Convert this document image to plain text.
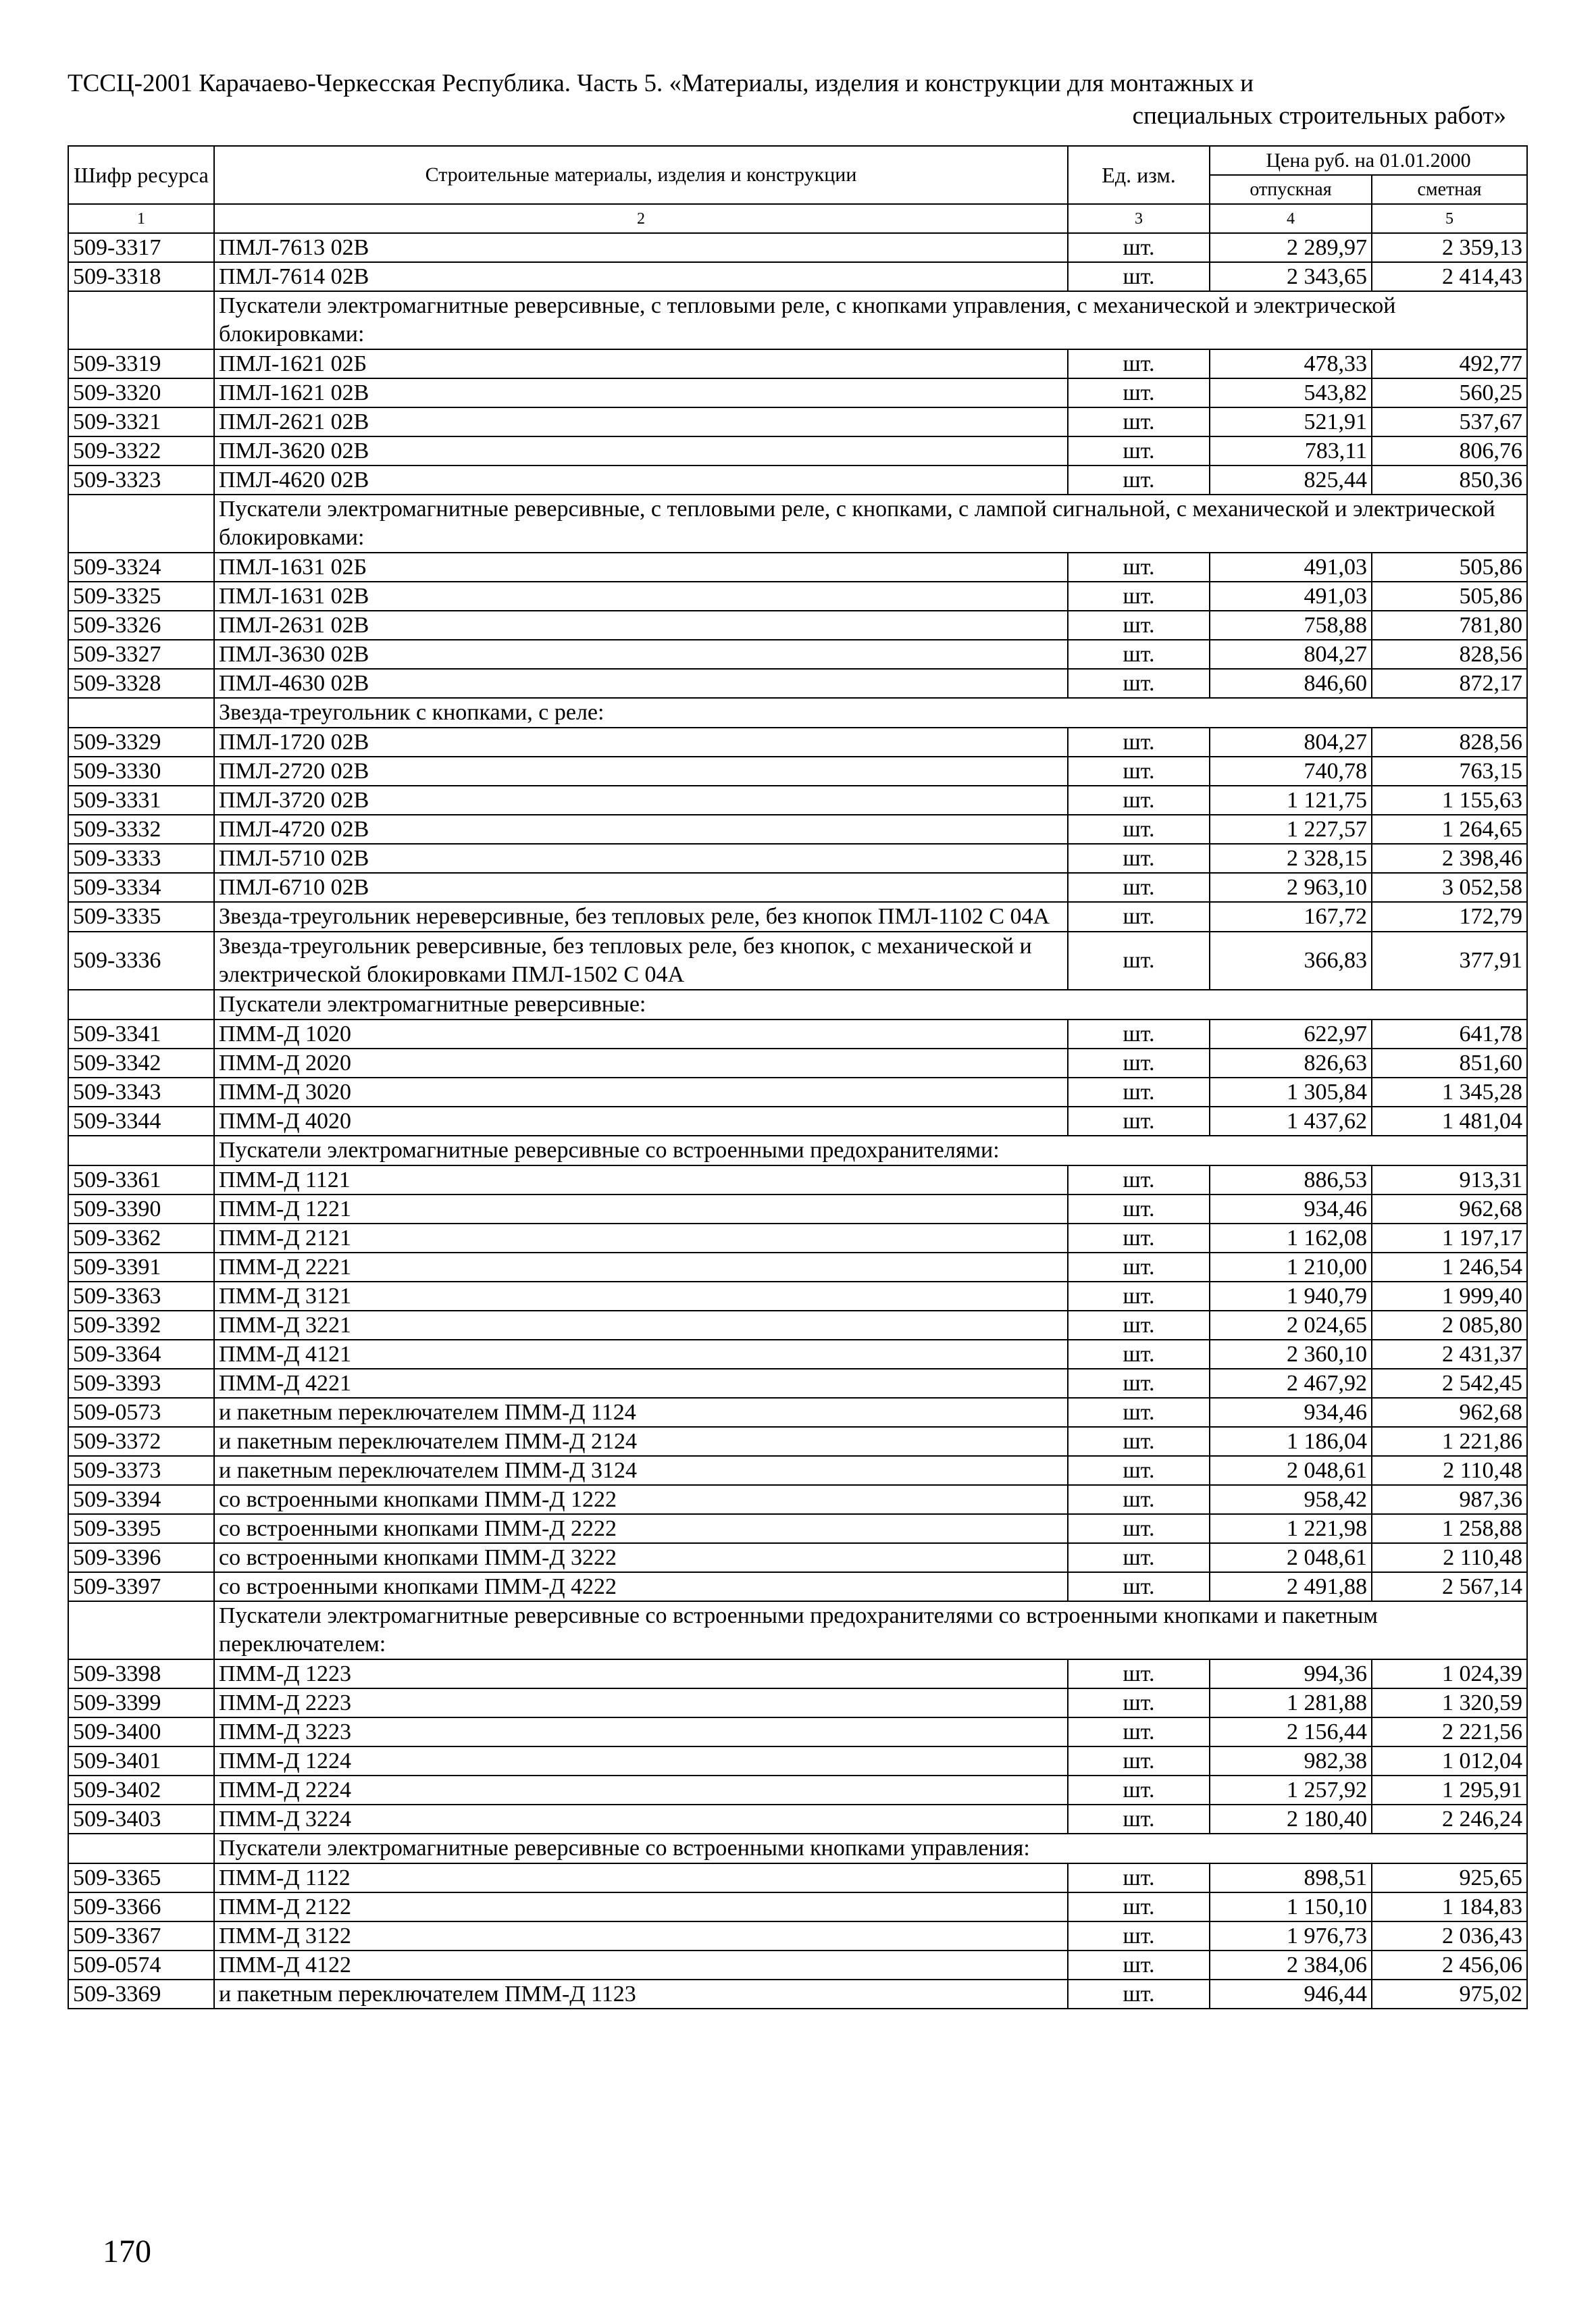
ТССЦ-2001 Карачаево-Черкесская Республика. Часть 5. «Материалы, изделия и конструкции для монтажных и
специальных строительных работ»
Шифр ресурса	Строительные материалы, изделия и конструкции	Ед. изм.	Цена руб. на 01.01.2000	
			отпускная	сметная
1	2	3	4	5
509-3317	ПМЛ-7613 02В	шт.	2 289,97	2 359,13
509-3318	ПМЛ-7614 02В	шт.	2 343,65	2 414,43
	Пускатели электромагнитные реверсивные, с тепловыми реле, с кнопками управления, с механической и электрической блокировками:			
509-3319	ПМЛ-1621 02Б	шт.	478,33	492,77
509-3320	ПМЛ-1621 02В	шт.	543,82	560,25
509-3321	ПМЛ-2621 02В	шт.	521,91	537,67
509-3322	ПМЛ-3620 02В	шт.	783,11	806,76
509-3323	ПМЛ-4620 02В	шт.	825,44	850,36
	Пускатели электромагнитные реверсивные, с тепловыми реле, с кнопками, с лампой сигнальной, с механической и электрической блокировками:			
509-3324	ПМЛ-1631 02Б	шт.	491,03	505,86
509-3325	ПМЛ-1631 02В	шт.	491,03	505,86
509-3326	ПМЛ-2631 02В	шт.	758,88	781,80
509-3327	ПМЛ-3630 02В	шт.	804,27	828,56
509-3328	ПМЛ-4630 02В	шт.	846,60	872,17
	Звезда-треугольник с кнопками, с реле:			
509-3329	ПМЛ-1720 02В	шт.	804,27	828,56
509-3330	ПМЛ-2720 02В	шт.	740,78	763,15
509-3331	ПМЛ-3720 02В	шт.	1 121,75	1 155,63
509-3332	ПМЛ-4720 02В	шт.	1 227,57	1 264,65
509-3333	ПМЛ-5710 02В	шт.	2 328,15	2 398,46
509-3334	ПМЛ-6710 02В	шт.	2 963,10	3 052,58
509-3335	Звезда-треугольник нереверсивные, без тепловых реле, без кнопок ПМЛ-1102 С 04А	шт.	167,72	172,79
509-3336	Звезда-треугольник реверсивные, без тепловых реле, без кнопок, с механической и электрической блокировками ПМЛ-1502 С 04А	шт.	366,83	377,91
	Пускатели электромагнитные реверсивные:			
509-3341	ПММ-Д 1020	шт.	622,97	641,78
509-3342	ПММ-Д 2020	шт.	826,63	851,60
509-3343	ПММ-Д 3020	шт.	1 305,84	1 345,28
509-3344	ПММ-Д 4020	шт.	1 437,62	1 481,04
	Пускатели электромагнитные реверсивные со встроенными предохранителями:			
509-3361	ПММ-Д 1121	шт.	886,53	913,31
509-3390	ПММ-Д 1221	шт.	934,46	962,68
509-3362	ПММ-Д 2121	шт.	1 162,08	1 197,17
509-3391	ПММ-Д 2221	шт.	1 210,00	1 246,54
509-3363	ПММ-Д 3121	шт.	1 940,79	1 999,40
509-3392	ПММ-Д 3221	шт.	2 024,65	2 085,80
509-3364	ПММ-Д 4121	шт.	2 360,10	2 431,37
509-3393	ПММ-Д 4221	шт.	2 467,92	2 542,45
509-0573	и пакетным переключателем ПММ-Д 1124	шт.	934,46	962,68
509-3372	и пакетным переключателем ПММ-Д 2124	шт.	1 186,04	1 221,86
509-3373	и пакетным переключателем ПММ-Д 3124	шт.	2 048,61	2 110,48
509-3394	со встроенными кнопками ПММ-Д 1222	шт.	958,42	987,36
509-3395	со встроенными кнопками ПММ-Д 2222	шт.	1 221,98	1 258,88
509-3396	со встроенными кнопками ПММ-Д 3222	шт.	2 048,61	2 110,48
509-3397	со встроенными кнопками ПММ-Д 4222	шт.	2 491,88	2 567,14
	Пускатели электромагнитные реверсивные со встроенными предохранителями со встроенными кнопками и пакетным переключателем:			
509-3398	ПММ-Д 1223	шт.	994,36	1 024,39
509-3399	ПММ-Д 2223	шт.	1 281,88	1 320,59
509-3400	ПММ-Д 3223	шт.	2 156,44	2 221,56
509-3401	ПММ-Д 1224	шт.	982,38	1 012,04
509-3402	ПММ-Д 2224	шт.	1 257,92	1 295,91
509-3403	ПММ-Д 3224	шт.	2 180,40	2 246,24
	Пускатели электромагнитные реверсивные со встроенными кнопками управления:			
509-3365	ПММ-Д 1122	шт.	898,51	925,65
509-3366	ПММ-Д 2122	шт.	1 150,10	1 184,83
509-3367	ПММ-Д 3122	шт.	1 976,73	2 036,43
509-0574	ПММ-Д 4122	шт.	2 384,06	2 456,06
509-3369	и пакетным переключателем ПММ-Д 1123	шт.	946,44	975,02
170
